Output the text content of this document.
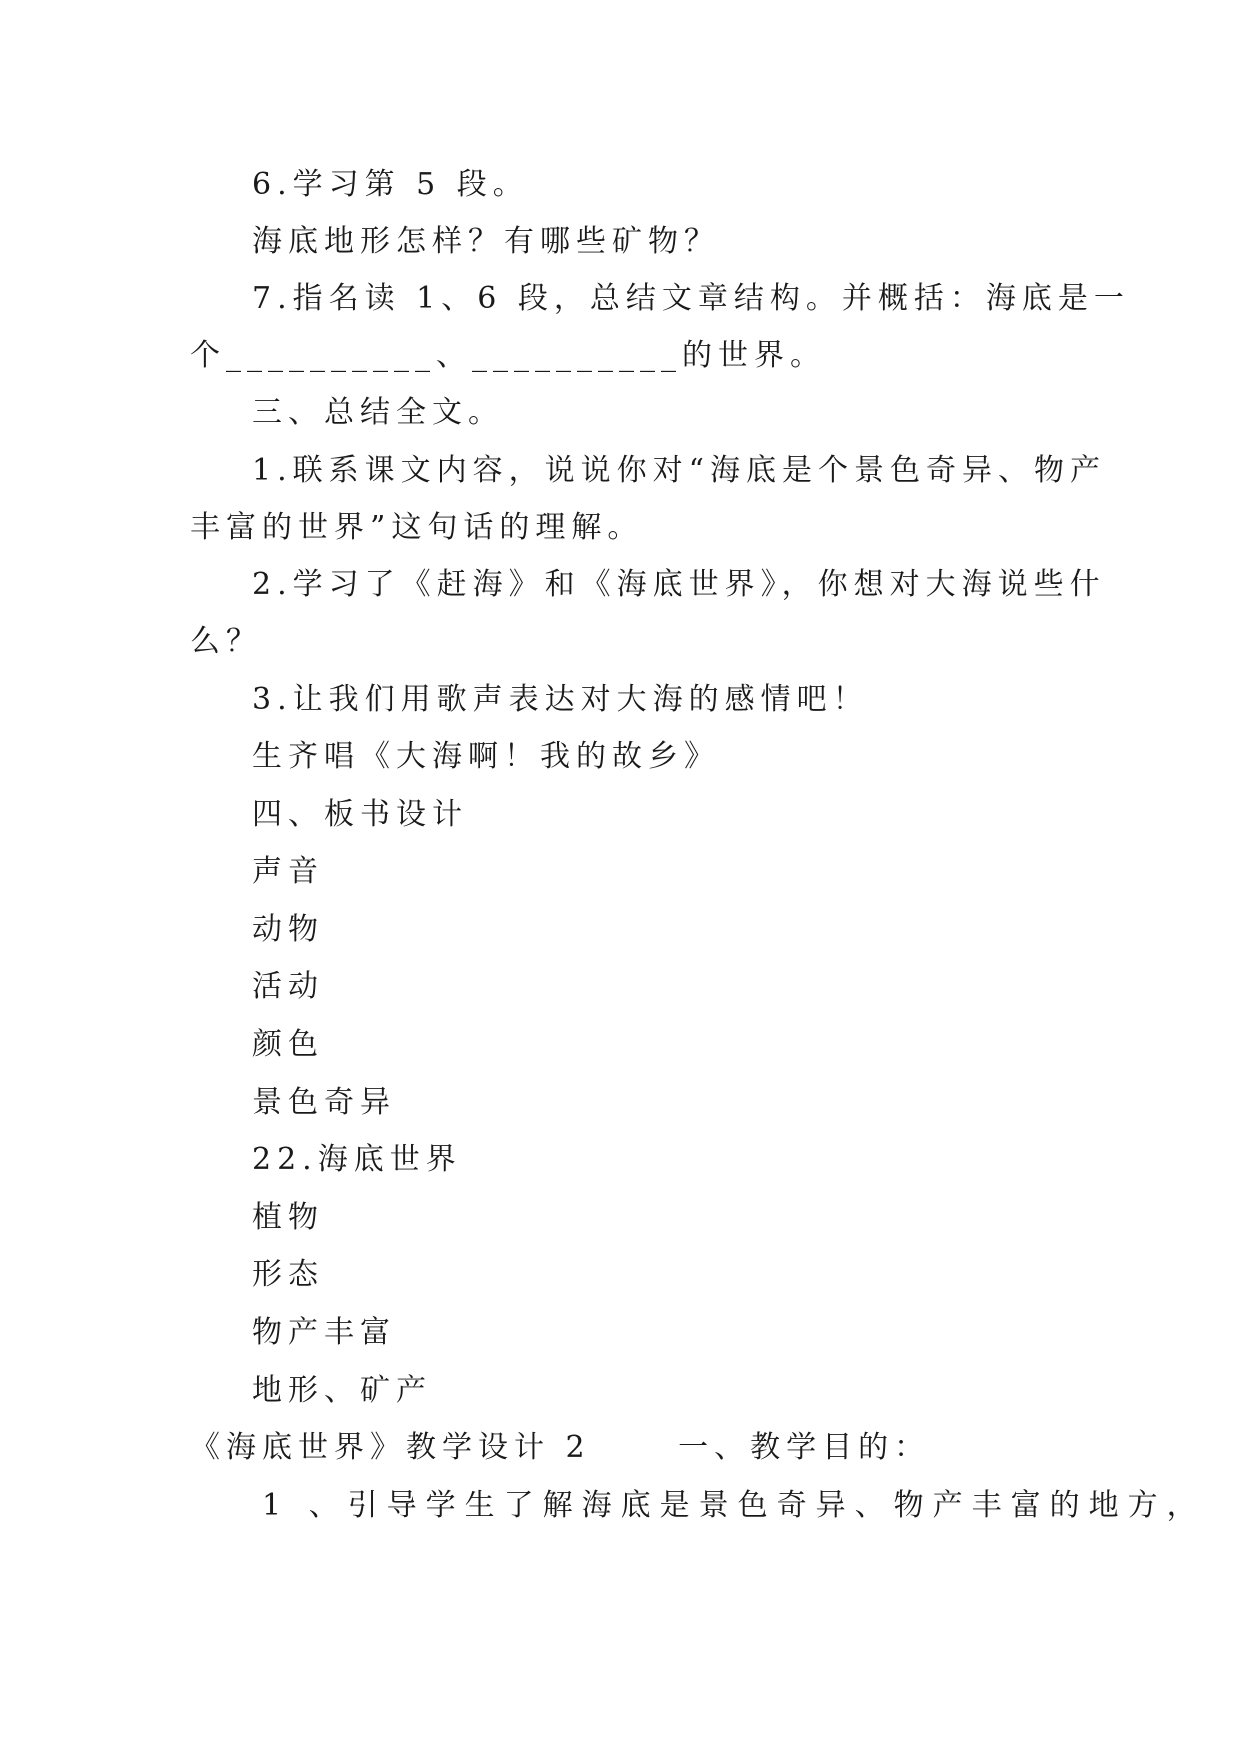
6.学习第 5 段。
海底地形怎样？有哪些矿物？
7.指名读 1、6 段，总结文章结构。并概括：海底是一
个__________、__________的世界。
三、总结全文。
1.联系课文内容，说说你对“海底是个景色奇异、物产
丰富的世界”这句话的理解。
2.学习了《赶海》和《海底世界》，你想对大海说些什
么？
3.让我们用歌声表达对大海的感情吧！
生齐唱《大海啊！我的故乡》
四、板书设计
声音
动物
活动
颜色
景色奇异
22.海底世界
植物
形态
物产丰富
地形、矿产
《海底世界》教学设计 2　　 一、教学目的：
1 、引导学生了解海底是景色奇异、物产丰富的地方，
